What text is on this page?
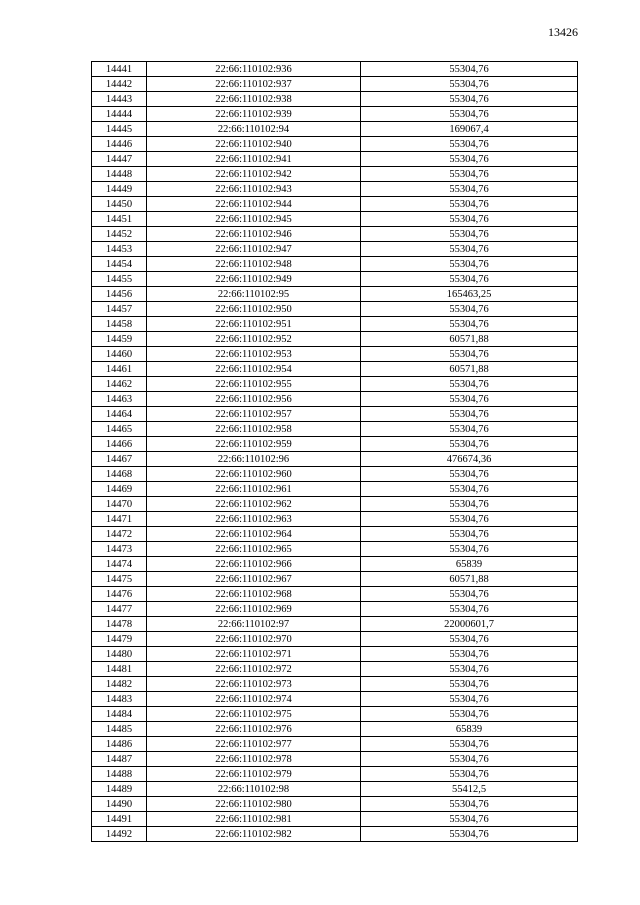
13426
14441	22:66:110102:936	55304,76
14442	22:66:110102:937	55304,76
14443	22:66:110102:938	55304,76
14444	22:66:110102:939	55304,76
14445	22:66:110102:94	169067,4
14446	22:66:110102:940	55304,76
14447	22:66:110102:941	55304,76
14448	22:66:110102:942	55304,76
14449	22:66:110102:943	55304,76
14450	22:66:110102:944	55304,76
14451	22:66:110102:945	55304,76
14452	22:66:110102:946	55304,76
14453	22:66:110102:947	55304,76
14454	22:66:110102:948	55304,76
14455	22:66:110102:949	55304,76
14456	22:66:110102:95	165463,25
14457	22:66:110102:950	55304,76
14458	22:66:110102:951	55304,76
14459	22:66:110102:952	60571,88
14460	22:66:110102:953	55304,76
14461	22:66:110102:954	60571,88
14462	22:66:110102:955	55304,76
14463	22:66:110102:956	55304,76
14464	22:66:110102:957	55304,76
14465	22:66:110102:958	55304,76
14466	22:66:110102:959	55304,76
14467	22:66:110102:96	476674,36
14468	22:66:110102:960	55304,76
14469	22:66:110102:961	55304,76
14470	22:66:110102:962	55304,76
14471	22:66:110102:963	55304,76
14472	22:66:110102:964	55304,76
14473	22:66:110102:965	55304,76
14474	22:66:110102:966	65839
14475	22:66:110102:967	60571,88
14476	22:66:110102:968	55304,76
14477	22:66:110102:969	55304,76
14478	22:66:110102:97	22000601,7
14479	22:66:110102:970	55304,76
14480	22:66:110102:971	55304,76
14481	22:66:110102:972	55304,76
14482	22:66:110102:973	55304,76
14483	22:66:110102:974	55304,76
14484	22:66:110102:975	55304,76
14485	22:66:110102:976	65839
14486	22:66:110102:977	55304,76
14487	22:66:110102:978	55304,76
14488	22:66:110102:979	55304,76
14489	22:66:110102:98	55412,5
14490	22:66:110102:980	55304,76
14491	22:66:110102:981	55304,76
14492	22:66:110102:982	55304,76
